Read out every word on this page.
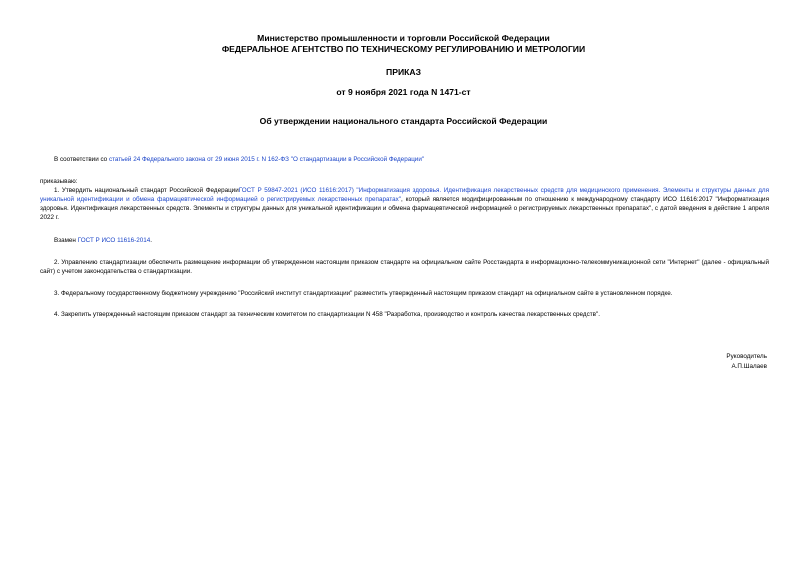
Министерство промышленности и торговли Российской Федерации
ФЕДЕРАЛЬНОЕ АГЕНТСТВО ПО ТЕХНИЧЕСКОМУ РЕГУЛИРОВАНИЮ И МЕТРОЛОГИИ
ПРИКАЗ
от 9 ноября 2021 года N 1471-ст
Об утверждении национального стандарта Российской Федерации
В соответствии со статьей 24 Федерального закона от 29 июня 2015 г. N 162-ФЗ "О стандартизации в Российской Федерации"
приказываю:
1. Утвердить национальный стандарт Российской ФедерацииГОСТ Р 59847-2021 (ИСО 11616:2017) "Информатизация здоровья. Идентификация лекарственных средств для медицинского применения. Элементы и структуры данных для уникальной идентификации и обмена фармацевтической информацией о регистрируемых лекарственных препаратах", который является модифицированным по отношению к международному стандарту ИСО 11616:2017 "Информатизация здоровья. Идентификация лекарственных средств. Элементы и структуры данных для уникальной идентификации и обмена фармацевтической информацией о регистрируемых лекарственных препаратах", с датой введения в действие 1 апреля 2022 г.
Взамен ГОСТ Р ИСО 11616-2014.
2. Управлению стандартизации обеспечить размещение информации об утвержденном настоящим приказом стандарте на официальном сайте Росстандарта в информационно-телекоммуникационной сети "Интернет" (далее - официальный сайт) с учетом законодательства о стандартизации.
3. Федеральному государственному бюджетному учреждению "Российский институт стандартизации" разместить утвержденный настоящим приказом стандарт на официальном сайте в установленном порядке.
4. Закрепить утвержденный настоящим приказом стандарт за техническим комитетом по стандартизации N 458 "Разработка, производство и контроль качества лекарственных средств".
Руководитель
А.П.Шалаев
